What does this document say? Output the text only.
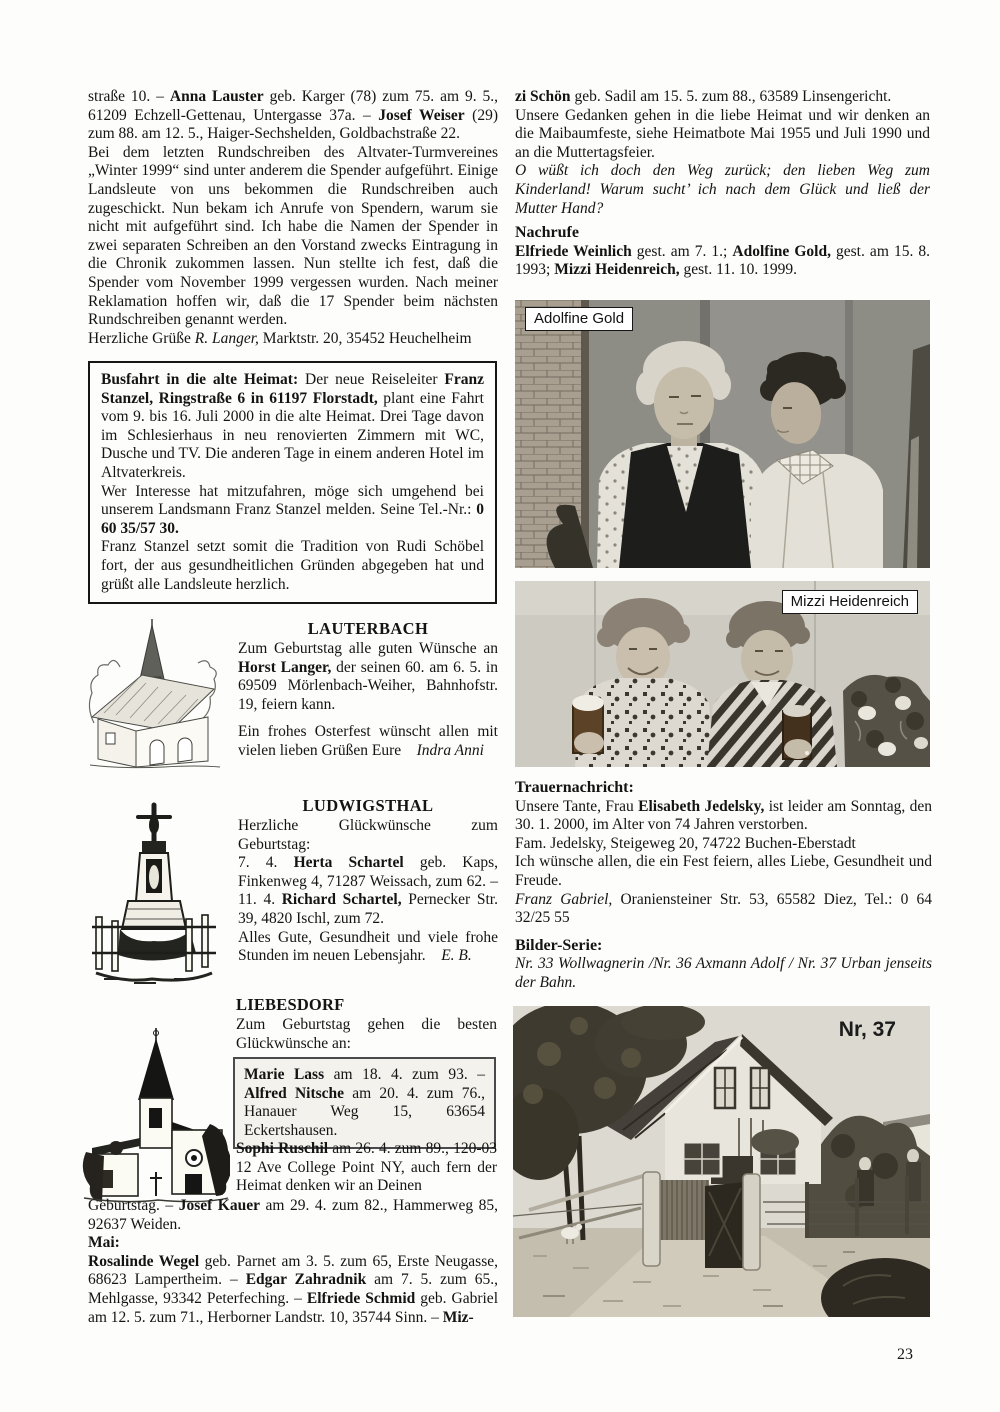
straße 10. – Anna Lauster geb. Karger (78) zum 75. am 9. 5., 61209 Echzell-Gettenau, Untergasse 37a. – Josef Weiser (29) zum 88. am 12. 5., Haiger-Sechshelden, Goldbachstraße 22.

Bei dem letzten Rundschreiben des Altvater-Turmvereines „Winter 1999“ sind unter anderem die Spender aufgeführt. Einige Landsleute von uns bekommen die Rundschreiben auch zugeschickt. Nun bekam ich Anrufe von Spendern, warum sie nicht mit aufgeführt sind. Ich habe die Namen der Spender in zwei separaten Schreiben an den Vorstand zwecks Eintragung in die Chronik zukommen lassen. Nun stellte ich fest, daß die Spender vom November 1999 vergessen wurden. Nach meiner Reklamation hoffen wir, daß die 17 Spender beim nächsten Rundschreiben genannt werden.

Herzliche Grüße R. Langer, Marktstr. 20, 35452 Heuchelheim

Busfahrt in die alte Heimat: Der neue Reiseleiter Franz Stanzel, Ringstraße 6 in 61197 Florstadt, plant eine Fahrt vom 9. bis 16. Juli 2000 in die alte Heimat. Drei Tage davon im Schlesierhaus in neu renovierten Zimmern mit WC, Dusche und TV. Die anderen Tage in einem anderen Hotel im Altvaterkreis.

Wer Interesse hat mitzufahren, möge sich umgehend bei unserem Landsmann Franz Stanzel melden. Seine Tel.-Nr.: 0 60 35/57 30.

Franz Stanzel setzt somit die Tradition von Rudi Schöbel fort, der aus gesundheitlichen Gründen abgegeben hat und grüßt alle Landsleute herzlich.

LAUTERBACH

Zum Geburtstag alle guten Wünsche an Horst Langer, der seinen 60. am 6. 5. in 69509 Mörlenbach-Weiher, Bahnhofstr. 19, feiern kann.

Ein frohes Osterfest wünscht allen mit vielen lieben Grüßen Eure    Indra Anni

LUDWIGSTHAL

Herzliche Glückwünsche zum Geburtstag:

7. 4. Herta Schartel geb. Kaps, Finkenweg 4, 71287 Weissach, zum 62. – 11. 4. Richard Schartel, Pernecker Str. 39, 4820 Ischl, zum 72.

Alles Gute, Gesundheit und viele frohe Stunden im neuen Lebensjahr.    E. B.

LIEBESDORF

Zum Geburtstag gehen die besten Glückwünsche an:

Marie Lass am 18. 4. zum 93. – Alfred Nitsche am 20. 4. zum 76., Hanauer Weg 15, 63654 Eckertshausen.

Sophi Ruschil am 26. 4. zum 89., 120-03 12 Ave College Point NY, auch fern der Heimat denken wir an Deinen

Geburtstag. – Josef Kauer am 29. 4. zum 82., Hammerweg 85, 92637 Weiden.

Mai:

Rosalinde Wegel geb. Parnet am 3. 5. zum 65, Erste Neugasse, 68623 Lampertheim. – Edgar Zahradnik am 7. 5. zum 65., Mehlgasse, 93342 Peterfeching. – Elfriede Schmid geb. Gabriel am 12. 5. zum 71., Herborner Landstr. 10, 35744 Sinn. – Miz-

zi Schön geb. Sadil am 15. 5. zum 88., 63589 Linsengericht.

Unsere Gedanken gehen in die liebe Heimat und wir denken an die Maibaumfeste, siehe Heimatbote Mai 1955 und Juli 1990 und an die Muttertagsfeier.

O wüßt ich doch den Weg zurück; den lieben Weg zum Kinderland! Warum sucht’ ich nach dem Glück und ließ der Mutter Hand?

Nachrufe

Elfriede Weinlich gest. am 7. 1.; Adolfine Gold, gest. am 15. 8. 1993; Mizzi Heidenreich, gest. 11. 10. 1999.

Adolfine Gold
Mizzi Heidenreich
Trauernachricht:

Unsere Tante, Frau Elisabeth Jedelsky, ist leider am Sonntag, den 30. 1. 2000, im Alter von 74 Jahren verstorben.

Fam. Jedelsky, Steigeweg 20, 74722 Buchen-Eberstadt

Ich wünsche allen, die ein Fest feiern, alles Liebe, Gesundheit und Freude.

Franz Gabriel, Oraniensteiner Str. 53, 65582 Diez, Tel.: 0 64 32/25 55

Bilder-Serie:

Nr. 33 Wollwagnerin /Nr. 36 Axmann Adolf / Nr. 37 Urban jenseits der Bahn.

Nr, 37
23
